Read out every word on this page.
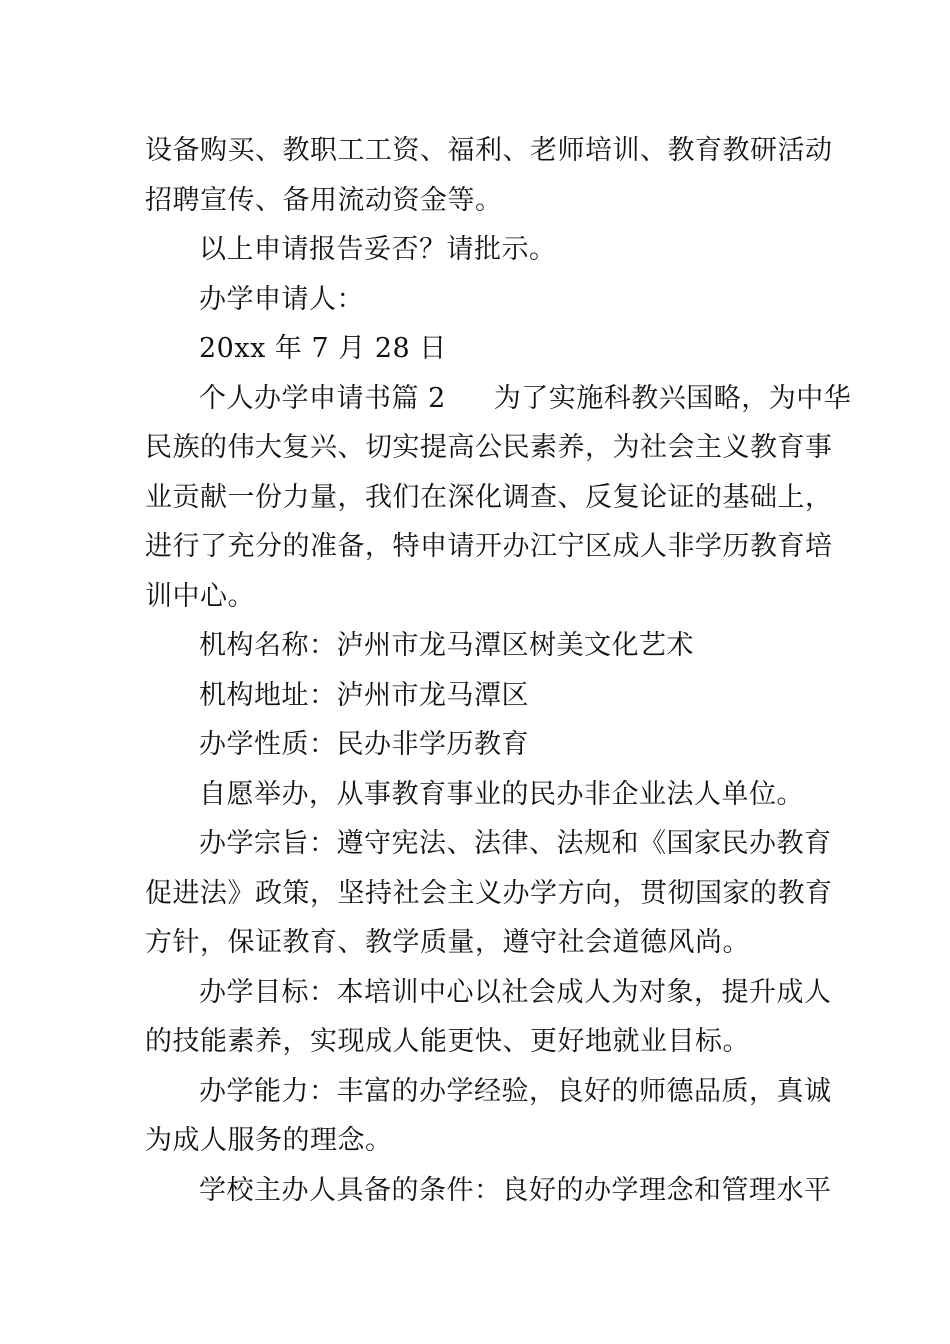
设备购买、教职工工资、福利、老师培训、教育教研活动
招聘宣传、备用流动资金等。
以上申请报告妥否？请批示。
办学申请人：
20xx 年 7 月 28 日
个人办学申请书篇 2 为了实施科教兴国略，为中华
民族的伟大复兴、切实提高公民素养，为社会主义教育事
业贡献一份力量，我们在深化调查、反复论证的基础上，
进行了充分的准备，特申请开办江宁区成人非学历教育培
训中心。
机构名称：泸州市龙马潭区树美文化艺术
机构地址：泸州市龙马潭区
办学性质：民办非学历教育
自愿举办，从事教育事业的民办非企业法人单位。
办学宗旨：遵守宪法、法律、法规和《国家民办教育
促进法》政策，坚持社会主义办学方向，贯彻国家的教育
方针，保证教育、教学质量，遵守社会道德风尚。
办学目标：本培训中心以社会成人为对象，提升成人
的技能素养，实现成人能更快、更好地就业目标。
办学能力：丰富的办学经验，良好的师德品质，真诚
为成人服务的理念。
学校主办人具备的条件：良好的办学理念和管理水平
